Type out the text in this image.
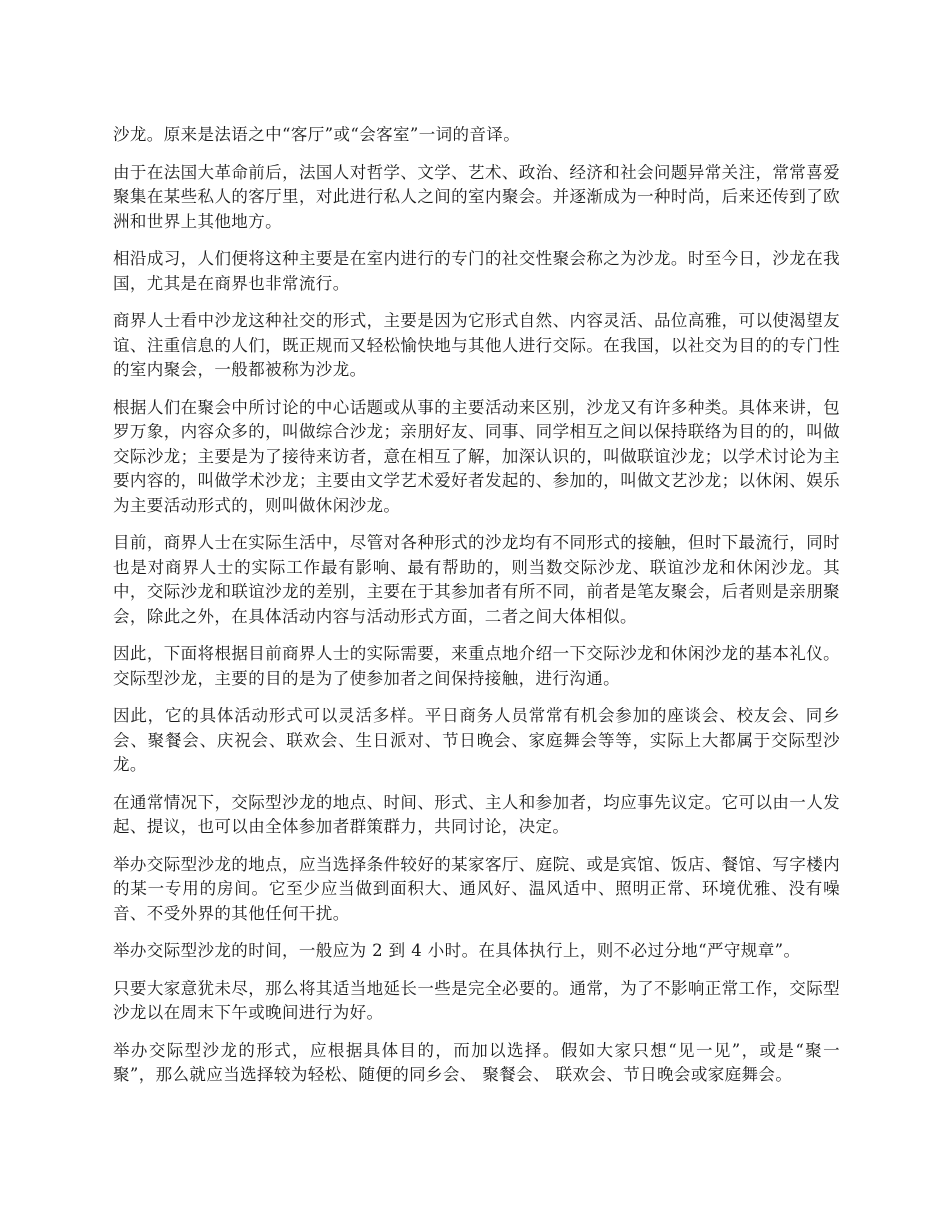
沙龙。原来是法语之中“客厅”或“会客室”一词的音译。

由于在法国大革命前后，法国人对哲学、文学、艺术、政治、经济和社会问题异常关注，常常喜爱聚集在某些私人的客厅里，对此进行私人之间的室内聚会。并逐渐成为一种时尚，后来还传到了欧洲和世界上其他地方。

相沿成习，人们便将这种主要是在室内进行的专门的社交性聚会称之为沙龙。时至今日，沙龙在我国，尤其是在商界也非常流行。

商界人士看中沙龙这种社交的形式，主要是因为它形式自然、内容灵活、品位高雅，可以使渴望友谊、注重信息的人们，既正规而又轻松愉快地与其他人进行交际。在我国，以社交为目的的专门性的室内聚会，一般都被称为沙龙。

根据人们在聚会中所讨论的中心话题或从事的主要活动来区别，沙龙又有许多种类。具体来讲，包罗万象，内容众多的，叫做综合沙龙；亲朋好友、同事、同学相互之间以保持联络为目的的，叫做交际沙龙；主要是为了接待来访者，意在相互了解，加深认识的，叫做联谊沙龙；以学术讨论为主要内容的，叫做学术沙龙；主要由文学艺术爱好者发起的、参加的，叫做文艺沙龙；以休闲、娱乐为主要活动形式的，则叫做休闲沙龙。

目前，商界人士在实际生活中，尽管对各种形式的沙龙均有不同形式的接触，但时下最流行，同时也是对商界人士的实际工作最有影响、最有帮助的，则当数交际沙龙、联谊沙龙和休闲沙龙。其中，交际沙龙和联谊沙龙的差别，主要在于其参加者有所不同，前者是笔友聚会，后者则是亲朋聚会，除此之外，在具体活动内容与活动形式方面，二者之间大体相似。

因此，下面将根据目前商界人士的实际需要，来重点地介绍一下交际沙龙和休闲沙龙的基本礼仪。交际型沙龙，主要的目的是为了使参加者之间保持接触，进行沟通。

因此，它的具体活动形式可以灵活多样。平日商务人员常常有机会参加的座谈会、校友会、同乡会、聚餐会、庆祝会、联欢会、生日派对、节日晚会、家庭舞会等等，实际上大都属于交际型沙龙。

在通常情况下，交际型沙龙的地点、时间、形式、主人和参加者，均应事先议定。它可以由一人发起、提议，也可以由全体参加者群策群力，共同讨论，决定。

举办交际型沙龙的地点，应当选择条件较好的某家客厅、庭院、或是宾馆、饭店、餐馆、写字楼内的某一专用的房间。它至少应当做到面积大、通风好、温风适中、照明正常、环境优雅、没有噪音、不受外界的其他任何干扰。

举办交际型沙龙的时间，一般应为 2 到 4 小时。在具体执行上，则不必过分地“严守规章”。

只要大家意犹未尽，那么将其适当地延长一些是完全必要的。通常，为了不影响正常工作，交际型沙龙以在周末下午或晚间进行为好。

举办交际型沙龙的形式，应根据具体目的，而加以选择。假如大家只想“见一见”，或是“聚一聚”，那么就应当选择较为轻松、随便的同乡会、 聚餐会、 联欢会、节日晚会或家庭舞会。
